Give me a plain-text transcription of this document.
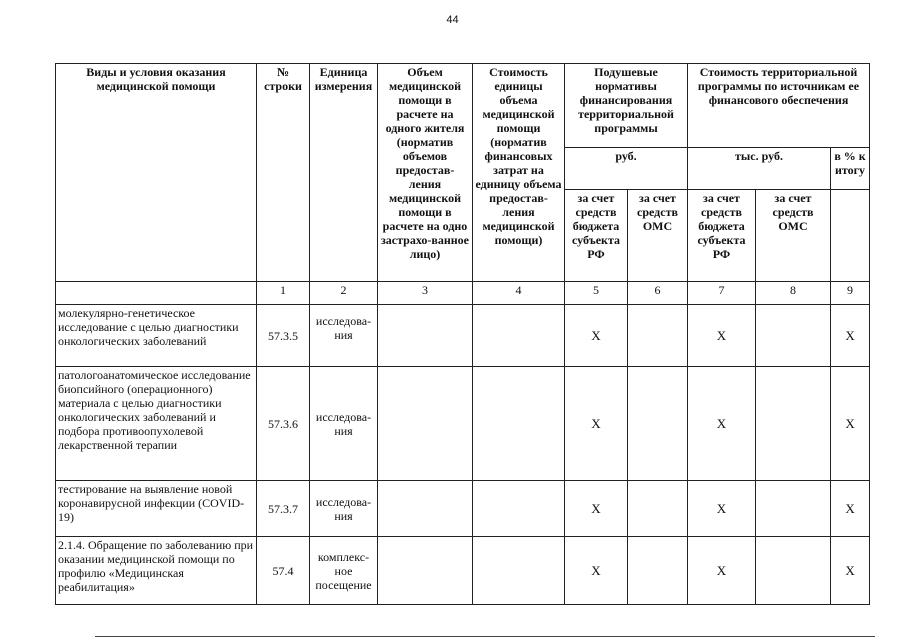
44
Виды и условия оказания медицинской помощи	№ строки	Единица измерения	Объем медицинской помощи в расчете на одного жителя (норматив объемов предостав-ления медицинской помощи в расчете на одно застрахо-ванное лицо)	Стоимость единицы объема медицинской помощи (норматив финансовых затрат на единицу объема предостав-ления медицинской помощи)	Подушевые нормативы финансирования территориальной программы		Стоимость территориальной программы по источникам ее финансового обеспечения		
					руб.		тыс. руб.		в % к итогу
					за счет средств бюджета субъекта РФ	за счет средств ОМС	за счет средств бюджета субъекта РФ	за счет средств ОМС	
	1	2	3	4	5	6	7	8	9
молекулярно-генетическое исследование с целью диагностики онкологических заболеваний	57.3.5	исследова-ния			X		X		X
патологоанатомическое исследование биопсийного (операционного) материала с целью диагностики онкологических заболеваний и подбора противоопухолевой лекарственной терапии	57.3.6	исследова-ния			X		X		X
тестирование на выявление новой коронавирусной инфекции (COVID-19)	57.3.7	исследова-ния			X		X		X
2.1.4. Обращение по заболеванию при оказании медицинской помощи по профилю «Медицинская реабилитация»	57.4	комплекс-ное посещение			X		X		X
